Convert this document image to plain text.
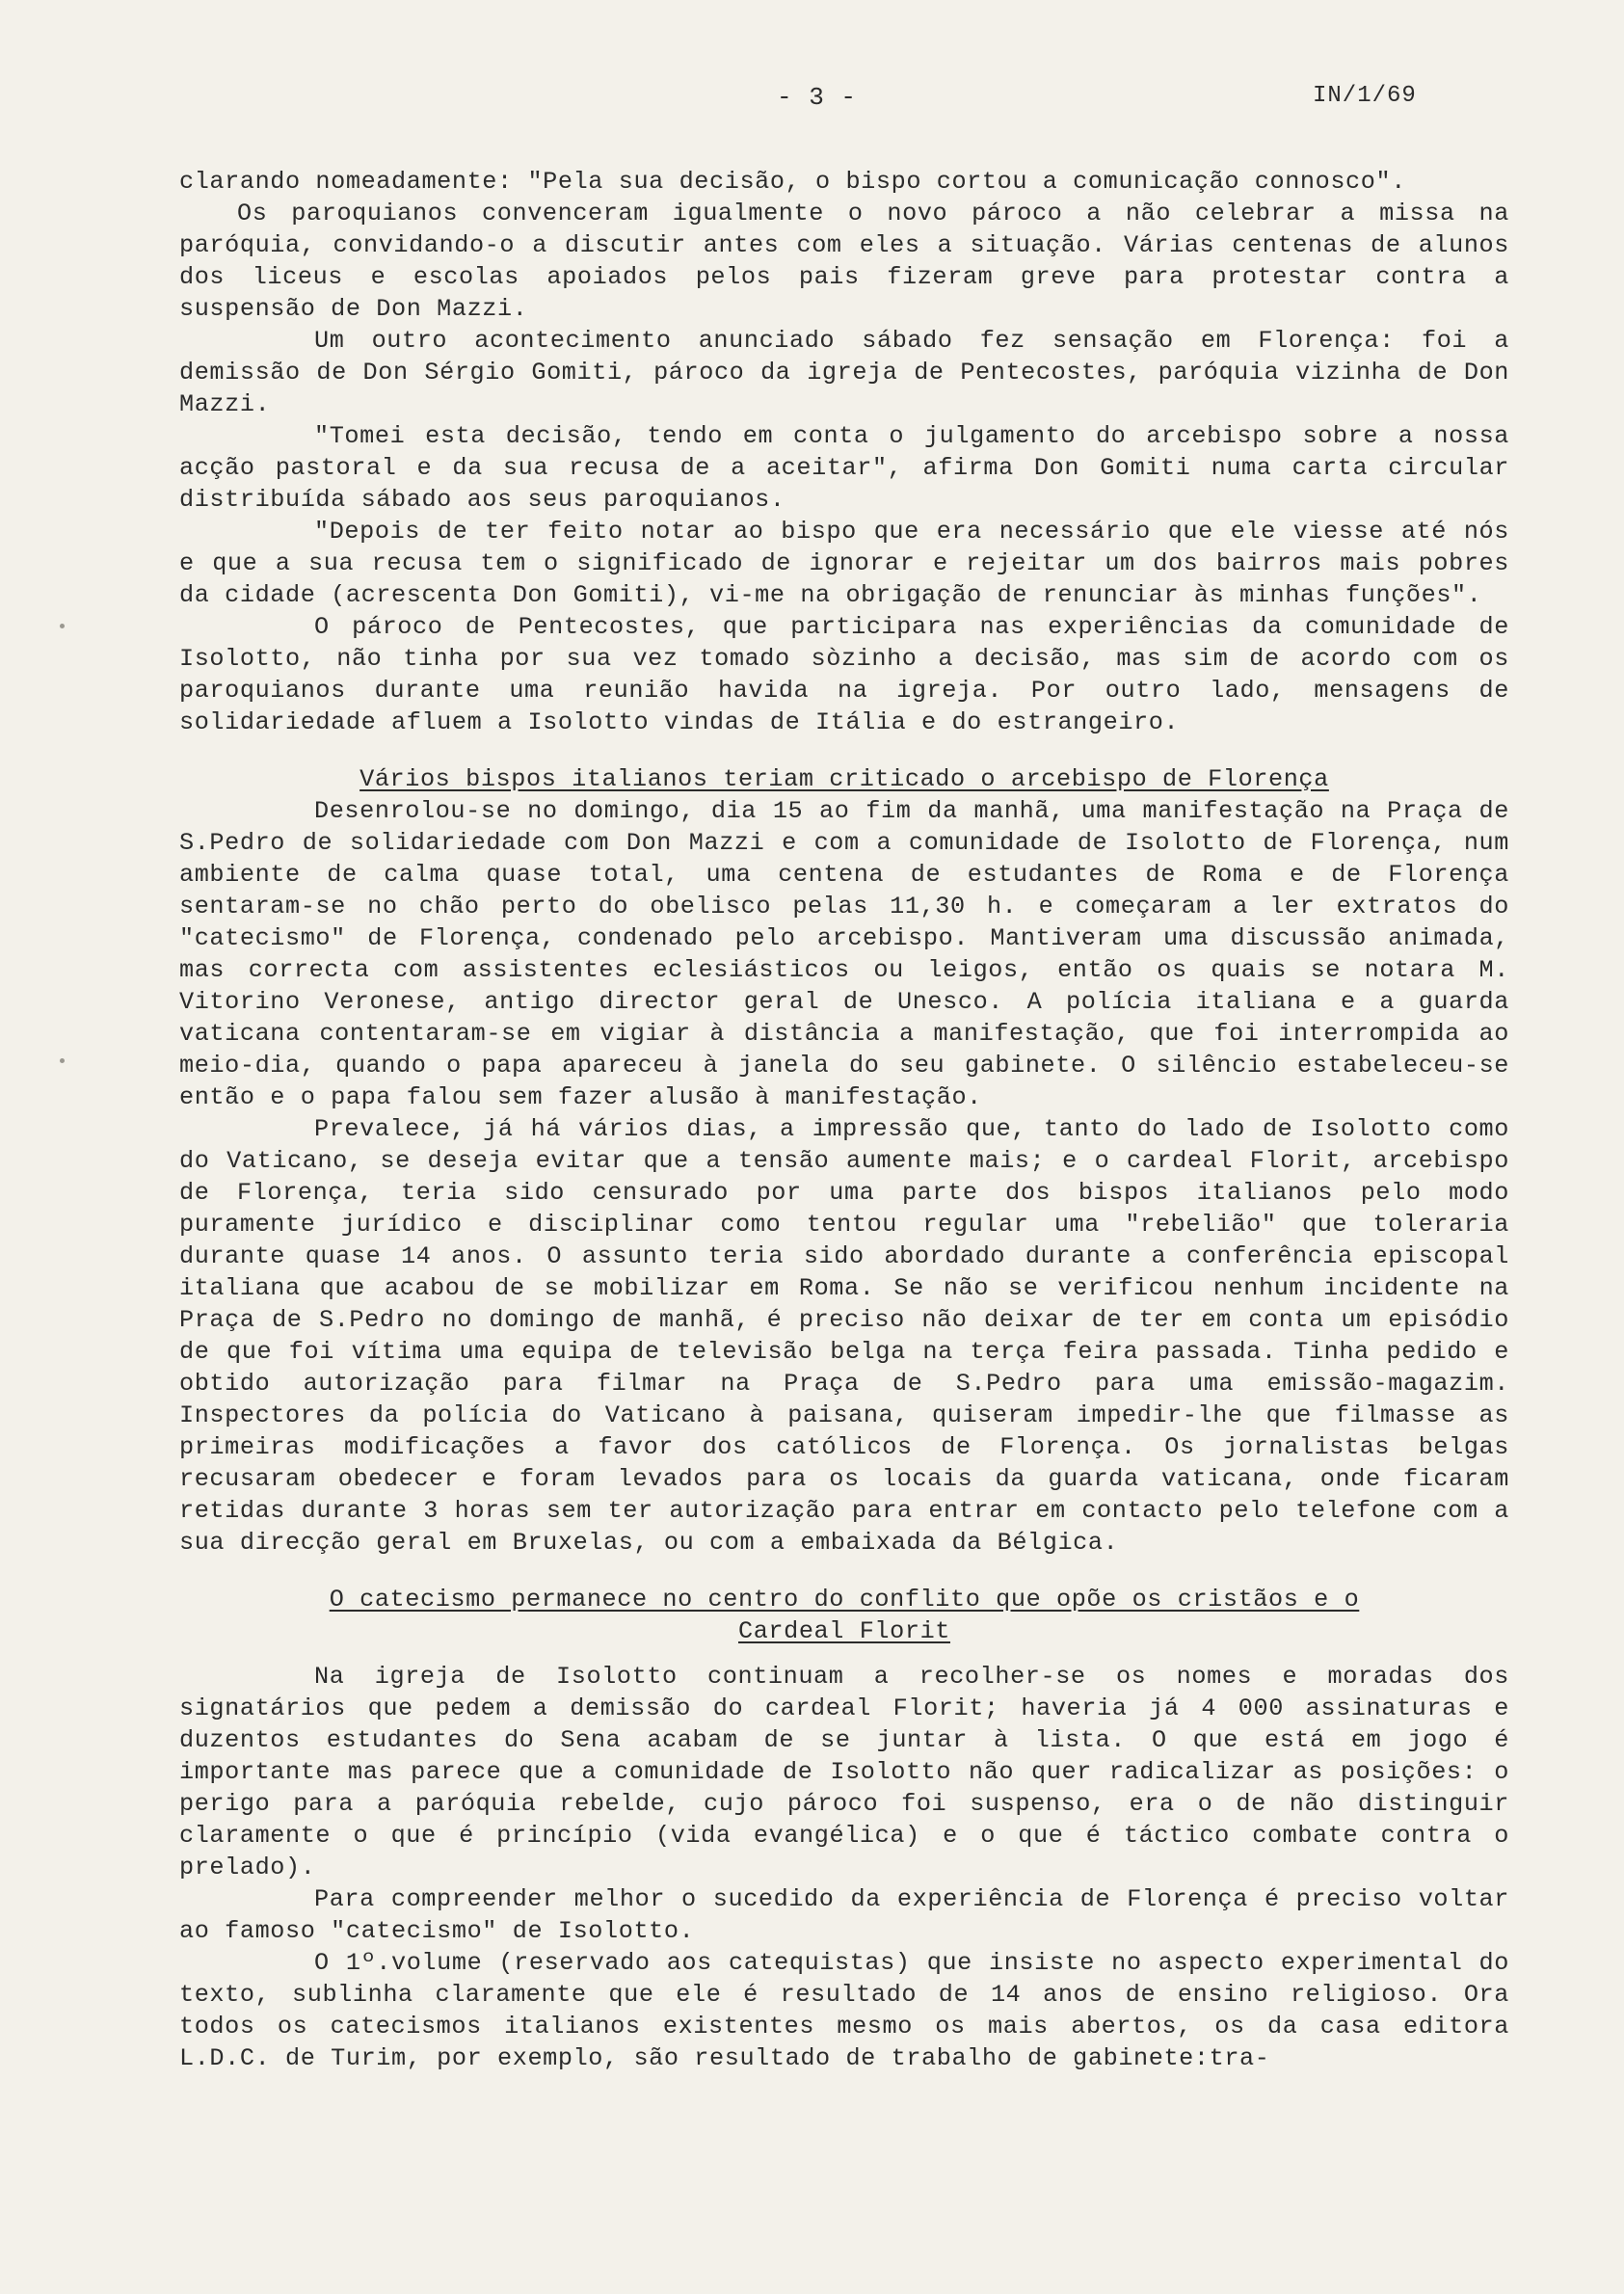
- 3 -	IN/1/69

clarando nomeadamente: "Pela sua decisão, o bispo cortou a comunicação connosco".

Os paroquianos convenceram igualmente o novo pároco a não celebrar a missa na paróquia, convidando-o a discutir antes com eles a situação. Várias centenas de alunos dos liceus e escolas apoiados pelos pais fizeram greve para protestar contra a suspensão de Don Mazzi.

Um outro acontecimento anunciado sábado fez sensação em Florença: foi a demissão de Don Sérgio Gomiti, pároco da igreja de Pentecostes, paróquia vizinha de Don Mazzi.

"Tomei esta decisão, tendo em conta o julgamento do arcebispo sobre a nossa acção pastoral e da sua recusa de a aceitar", afirma Don Gomiti numa carta circular distribuída sábado aos seus paroquianos.

"Depois de ter feito notar ao bispo que era necessário que ele viesse até nós e que a sua recusa tem o significado de ignorar e rejeitar um dos bairros mais pobres da cidade (acrescenta Don Gomiti), vi-me na obrigação de renunciar às minhas funções".

O pároco de Pentecostes, que participara nas experiências da comunidade de Isolotto, não tinha por sua vez tomado sòzinho a decisão, mas sim de acordo com os paroquianos durante uma reunião havida na igreja. Por outro lado, mensagens de solidariedade afluem a Isolotto vindas de Itália e do estrangeiro.

Vários bispos italianos teriam criticado o arcebispo de Florença

Desenrolou-se no domingo, dia 15 ao fim da manhã, uma manifestação na Praça de S.Pedro de solidariedade com Don Mazzi e com a comunidade de Isolotto de Florença, num ambiente de calma quase total, uma centena de estudantes de Roma e de Florença sentaram-se no chão perto do obelisco pelas 11,30 h. e começaram a ler extratos do "catecismo" de Florença, condenado pelo arcebispo. Mantiveram uma discussão animada, mas correcta com assistentes eclesiásticos ou leigos, então os quais se notara M. Vitorino Veronese, antigo director geral de Unesco. A polícia italiana e a guarda vaticana contentaram-se em vigiar à distância a manifestação, que foi interrompida ao meio-dia, quando o papa apareceu à janela do seu gabinete. O silêncio estabeleceu-se então e o papa falou sem fazer alusão à manifestação.

Prevalece, já há vários dias, a impressão que, tanto do lado de Isolotto como do Vaticano, se deseja evitar que a tensão aumente mais; e o cardeal Florit, arcebispo de Florença, teria sido censurado por uma parte dos bispos italianos pelo modo puramente jurídico e disciplinar como tentou regular uma "rebelião" que toleraria durante quase 14 anos. O assunto teria sido abordado durante a conferência episcopal italiana que acabou de se mobilizar em Roma. Se não se verificou nenhum incidente na Praça de S.Pedro no domingo de manhã, é preciso não deixar de ter em conta um episódio de que foi vítima uma equipa de televisão belga na terça feira passada. Tinha pedido e obtido autorização para filmar na Praça de S.Pedro para uma emissão-magazim. Inspectores da polícia do Vaticano à paisana, quiseram impedir-lhe que filmasse as primeiras modificações a favor dos católicos de Florença. Os jornalistas belgas recusaram obedecer e foram levados para os locais da guarda vaticana, onde ficaram retidas durante 3 horas sem ter autorização para entrar em contacto pelo telefone com a sua direcção geral em Bruxelas, ou com a embaixada da Bélgica.

O catecismo permanece no centro do conflito que opõe os cristãos e o

Cardeal Florit

Na igreja de Isolotto continuam a recolher-se os nomes e moradas dos signatários que pedem a demissão do cardeal Florit; haveria já 4 000 assinaturas e duzentos estudantes do Sena acabam de se juntar à lista. O que está em jogo é importante mas parece que a comunidade de Isolotto não quer radicalizar as posições: o perigo para a paróquia rebelde, cujo pároco foi suspenso, era o de não distinguir claramente o que é princípio (vida evangélica) e o que é táctico combate contra o prelado).

Para compreender melhor o sucedido da experiência de Florença é preciso voltar ao famoso "catecismo" de Isolotto.

O 1º.volume (reservado aos catequistas) que insiste no aspecto experimental do texto, sublinha claramente que ele é resultado de 14 anos de ensino religioso. Ora todos os catecismos italianos existentes mesmo os mais abertos, os da casa editora L.D.C. de Turim, por exemplo, são resultado de trabalho de gabinete:tra-
